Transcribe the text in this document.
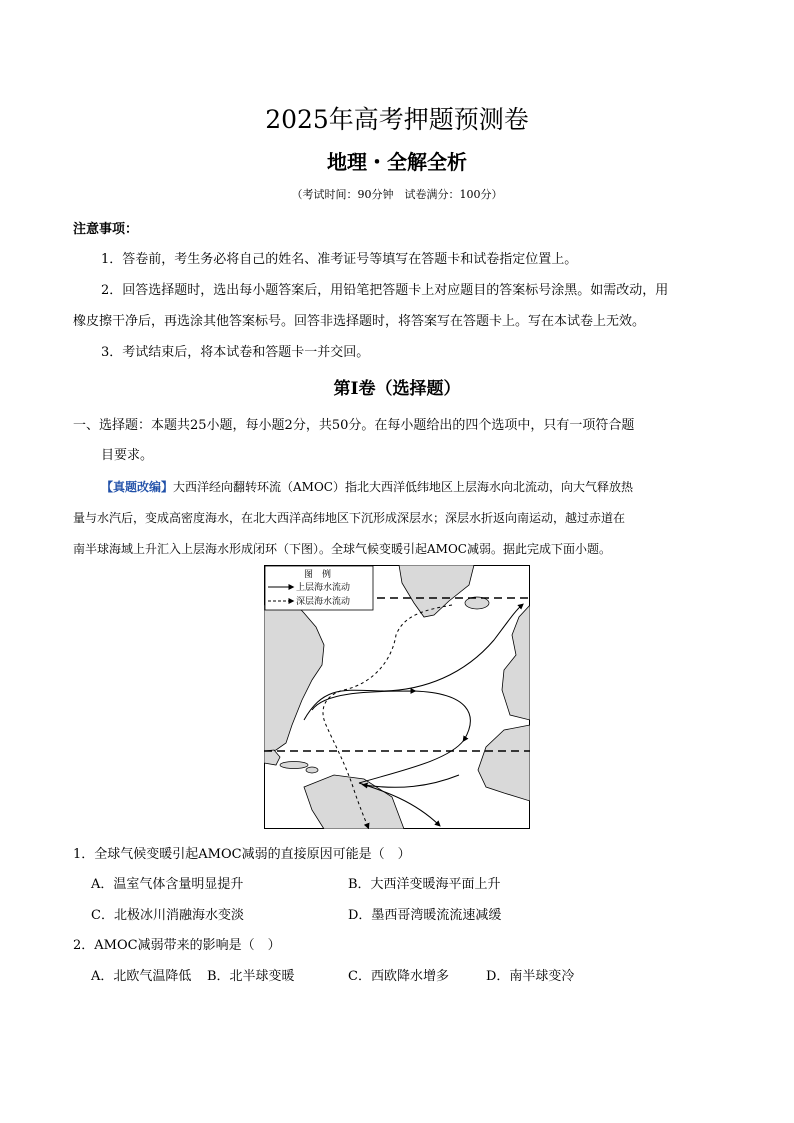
2025年高考押题预测卷
地理・全解全析
（考试时间：90分钟　试卷满分：100分）
注意事项：
1．答卷前，考生务必将自己的姓名、准考证号等填写在答题卡和试卷指定位置上。
2．回答选择题时，选出每小题答案后，用铅笔把答题卡上对应题目的答案标号涂黑。如需改动，用
橡皮擦干净后，再选涂其他答案标号。回答非选择题时，将答案写在答题卡上。写在本试卷上无效。
3．考试结束后，将本试卷和答题卡一并交回。
第Ⅰ卷（选择题）
一、选择题：本题共25小题，每小题2分，共50分。在每小题给出的四个选项中，只有一项符合题
目要求。
【真题改编】大西洋经向翻转环流（AMOC）指北大西洋低纬地区上层海水向北流动，向大气释放热
量与水汽后，变成高密度海水，在北大西洋高纬地区下沉形成深层水；深层水折返向南运动，越过赤道在
南半球海域上升汇入上层海水形成闭环（下图）。全球气候变暖引起AMOC减弱。据此完成下面小题。
图　例
上层海水流动
深层海水流动
1．全球气候变暖引起AMOC减弱的直接原因可能是（　）
A．温室气体含量明显提升	B．大西洋变暖海平面上升
C．北极冰川消融海水变淡	D．墨西哥湾暖流流速减缓
2．AMOC减弱带来的影响是（　）
A．北欧气温降低 B．北半球变暖	C．西欧降水增多	D．南半球变冷
